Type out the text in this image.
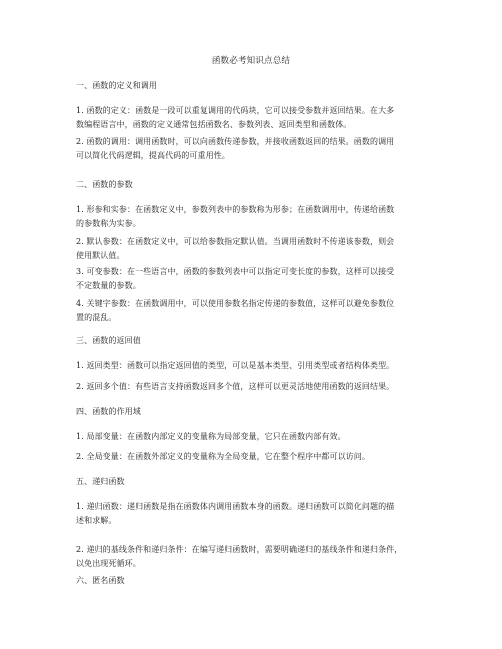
函数必考知识点总结
一、函数的定义和调用
1. 函数的定义：函数是一段可以重复调用的代码块，它可以接受参数并返回结果。在大多
数编程语言中，函数的定义通常包括函数名、参数列表、返回类型和函数体。
2. 函数的调用：调用函数时，可以向函数传递参数，并接收函数返回的结果。函数的调用
可以简化代码逻辑，提高代码的可重用性。
二、函数的参数
1. 形参和实参：在函数定义中，参数列表中的参数称为形参；在函数调用中，传递给函数
的参数称为实参。
2. 默认参数：在函数定义中，可以给参数指定默认值。当调用函数时不传递该参数，则会
使用默认值。
3. 可变参数：在一些语言中，函数的参数列表中可以指定可变长度的参数，这样可以接受
不定数量的参数。
4. 关键字参数：在函数调用中，可以使用参数名指定传递的参数值，这样可以避免参数位
置的混乱。
三、函数的返回值
1. 返回类型：函数可以指定返回值的类型，可以是基本类型、引用类型或者结构体类型。
2. 返回多个值：有些语言支持函数返回多个值，这样可以更灵活地使用函数的返回结果。
四、函数的作用域
1. 局部变量：在函数内部定义的变量称为局部变量，它只在函数内部有效。
2. 全局变量：在函数外部定义的变量称为全局变量，它在整个程序中都可以访问。
五、递归函数
1. 递归函数：递归函数是指在函数体内调用函数本身的函数。递归函数可以简化问题的描
述和求解。
2. 递归的基线条件和递归条件：在编写递归函数时，需要明确递归的基线条件和递归条件，
以免出现死循环。
六、匿名函数
